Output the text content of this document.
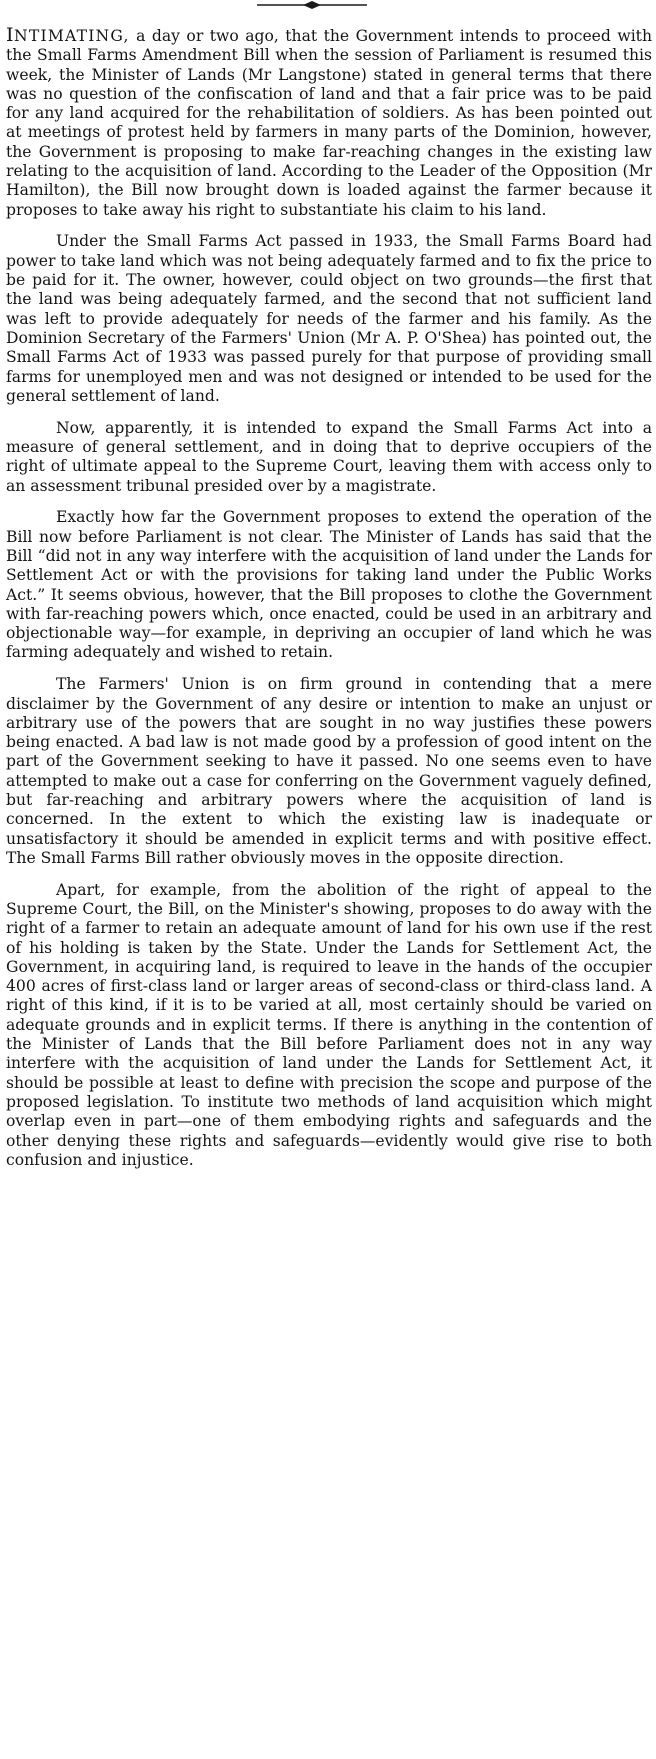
INTIMATING, a day or two ago, that the Government intends to proceed with the Small Farms Amendment Bill when the session of Parliament is resumed this week, the Minister of Lands (Mr Langstone) stated in general terms that there was no question of the confiscation of land and that a fair price was to be paid for any land acquired for the rehabilitation of soldiers. As has been pointed out at meetings of protest held by farmers in many parts of the Dominion, however, the Government is proposing to make far-reaching changes in the existing law relating to the acquisition of land. According to the Leader of the Opposition (Mr Hamilton), the Bill now brought down is loaded against the farmer because it proposes to take away his right to substantiate his claim to his land.

Under the Small Farms Act passed in 1933, the Small Farms Board had power to take land which was not being adequately farmed and to fix the price to be paid for it. The owner, however, could object on two grounds—the first that the land was being adequately farmed, and the second that not sufficient land was left to provide adequately for needs of the farmer and his family. As the Dominion Secretary of the Farmers' Union (Mr A. P. O'Shea) has pointed out, the Small Farms Act of 1933 was passed purely for that purpose of providing small farms for unemployed men and was not designed or intended to be used for the general settlement of land.

Now, apparently, it is intended to expand the Small Farms Act into a measure of general settlement, and in doing that to deprive occupiers of the right of ultimate appeal to the Supreme Court, leaving them with access only to an assessment tribunal presided over by a magistrate.

Exactly how far the Government proposes to extend the operation of the Bill now before Parliament is not clear. The Minister of Lands has said that the Bill “did not in any way interfere with the acquisition of land under the Lands for Settlement Act or with the provisions for taking land under the Public Works Act.” It seems obvious, however, that the Bill proposes to clothe the Government with far-reaching powers which, once enacted, could be used in an arbitrary and objectionable way—for example, in depriving an occupier of land which he was farming adequately and wished to retain.

The Farmers' Union is on firm ground in contending that a mere disclaimer by the Government of any desire or intention to make an unjust or arbitrary use of the powers that are sought in no way justifies these powers being enacted. A bad law is not made good by a profession of good intent on the part of the Government seeking to have it passed. No one seems even to have attempted to make out a case for conferring on the Government vaguely defined, but far-reaching and arbitrary powers where the acquisition of land is concerned. In the extent to which the existing law is inadequate or unsatisfactory it should be amended in explicit terms and with positive effect. The Small Farms Bill rather obviously moves in the opposite direction.

Apart, for example, from the abolition of the right of appeal to the Supreme Court, the Bill, on the Minister's showing, proposes to do away with the right of a farmer to retain an adequate amount of land for his own use if the rest of his holding is taken by the State. Under the Lands for Settlement Act, the Government, in acquiring land, is required to leave in the hands of the occupier 400 acres of first-class land or larger areas of second-class or third-class land. A right of this kind, if it is to be varied at all, most certainly should be varied on adequate grounds and in explicit terms. If there is anything in the contention of the Minister of Lands that the Bill before Parliament does not in any way interfere with the acquisition of land under the Lands for Settlement Act, it should be possible at least to define with precision the scope and purpose of the proposed legislation. To institute two methods of land acquisition which might overlap even in part—one of them embodying rights and safeguards and the other denying these rights and safeguards—evidently would give rise to both confusion and injustice.
